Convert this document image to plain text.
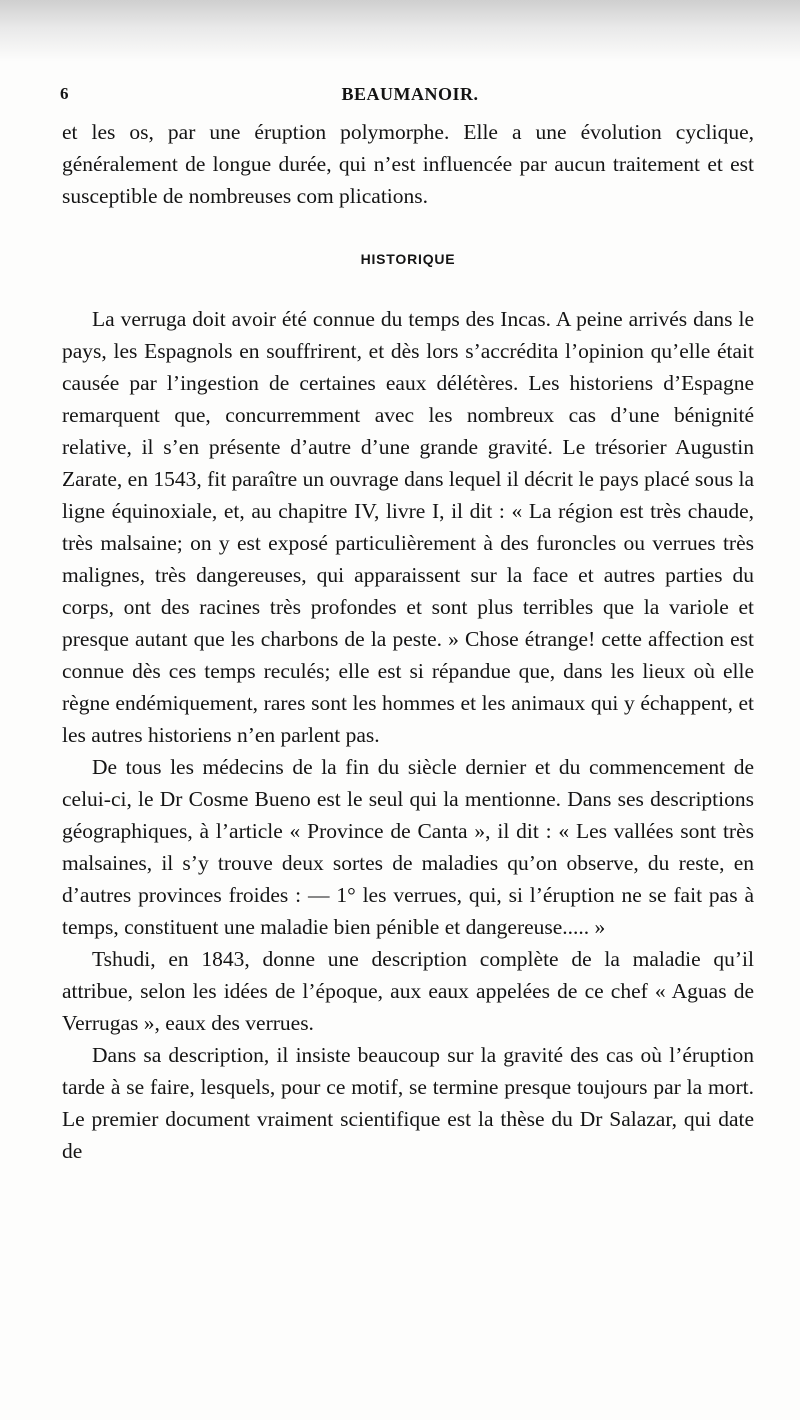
6	BEAUMANOIR.

et les os, par une éruption polymorphe. Elle a une évolution cyclique, généralement de longue durée, qui n’est influencée par aucun traitement et est susceptible de nombreuses com plications.

HISTORIQUE

La verruga doit avoir été connue du temps des Incas. A peine arrivés dans le pays, les Espagnols en souffrirent, et dès lors s’accrédita l’opinion qu’elle était causée par l’ingestion de certaines eaux délétères. Les historiens d’Espagne remarquent que, concurremment avec les nombreux cas d’une bénignité relative, il s’en présente d’autre d’une grande gravité. Le trésorier Augustin Zarate, en 1543, fit paraître un ouvrage dans lequel il décrit le pays placé sous la ligne équinoxiale, et, au chapitre IV, livre I, il dit : « La région est très chaude, très malsaine; on y est exposé particulièrement à des furoncles ou verrues très malignes, très dangereuses, qui apparaissent sur la face et autres parties du corps, ont des racines très profondes et sont plus terribles que la variole et presque autant que les charbons de la peste. » Chose étrange! cette affection est connue dès ces temps reculés; elle est si répandue que, dans les lieux où elle règne endémiquement, rares sont les hommes et les animaux qui y échappent, et les autres historiens n’en parlent pas.

De tous les médecins de la fin du siècle dernier et du commencement de celui-ci, le Dr Cosme Bueno est le seul qui la mentionne. Dans ses descriptions géographiques, à l’article « Province de Canta », il dit : « Les vallées sont très malsaines, il s’y trouve deux sortes de maladies qu’on observe, du reste, en d’autres provinces froides : — 1° les verrues, qui, si l’éruption ne se fait pas à temps, constituent une maladie bien pénible et dangereuse..... »

Tshudi, en 1843, donne une description complète de la maladie qu’il attribue, selon les idées de l’époque, aux eaux appelées de ce chef « Aguas de Verrugas », eaux des verrues.

Dans sa description, il insiste beaucoup sur la gravité des cas où l’éruption tarde à se faire, lesquels, pour ce motif, se termine presque toujours par la mort. Le premier document vraiment scientifique est la thèse du Dr Salazar, qui date de
